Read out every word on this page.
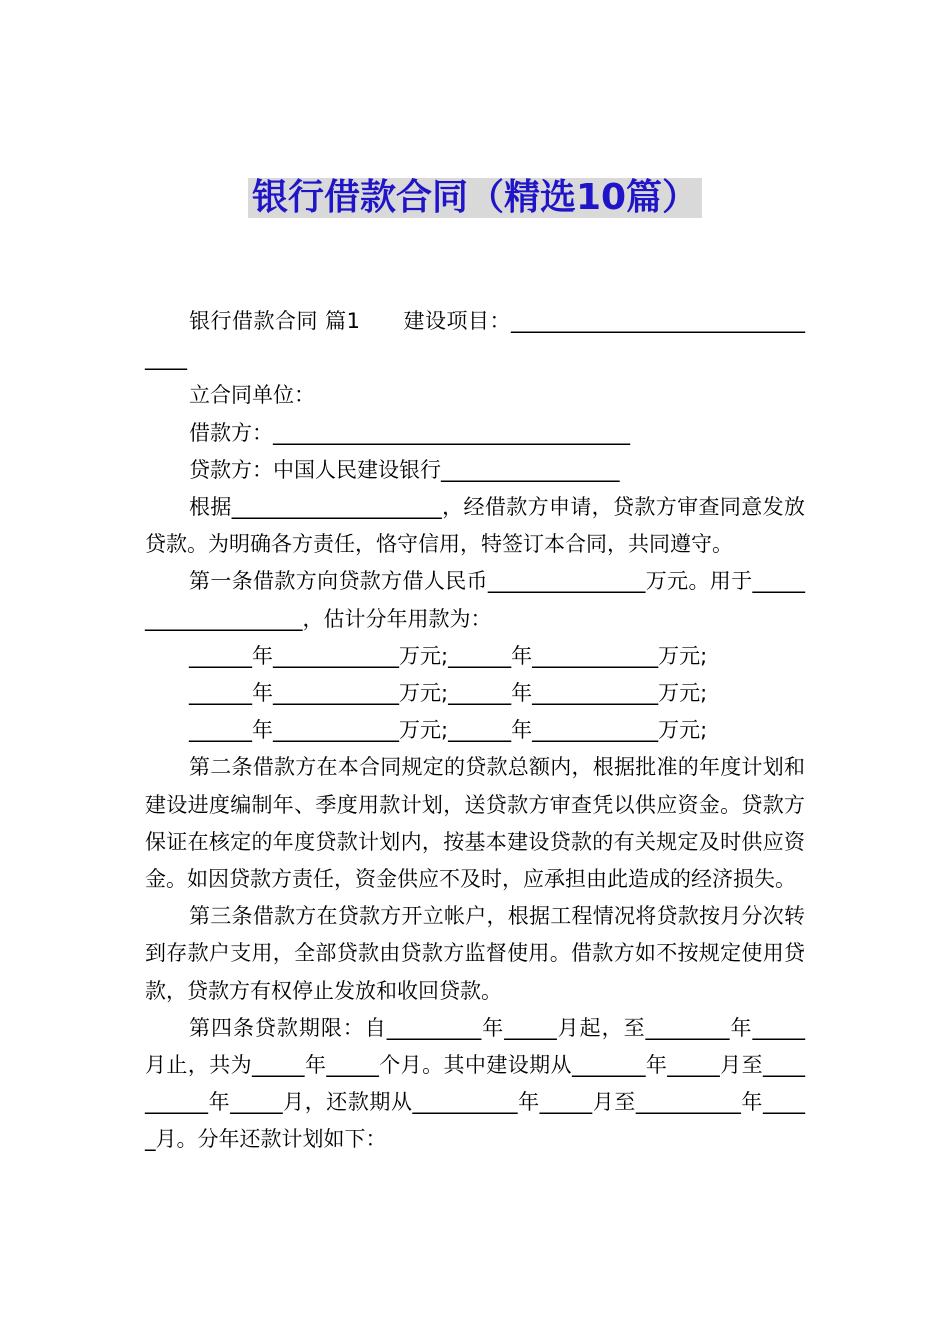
银行借款合同（精选10篇）

银行借款合同 篇1　　建设项目：________________________________

立合同单位：

借款方：__________________________________

贷款方：中国人民建设银行_________________

根据____________________，经借款方申请，贷款方审查同意发放贷款。为明确各方责任，恪守信用，特签订本合同，共同遵守。

第一条借款方向贷款方借人民币_______________万元。用于____________________，估计分年用款为：

______年____________万元;______年____________万元;

______年____________万元;______年____________万元;

______年____________万元;______年____________万元;

第二条借款方在本合同规定的贷款总额内，根据批准的年度计划和建设进度编制年、季度用款计划，送贷款方审查凭以供应资金。贷款方保证在核定的年度贷款计划内，按基本建设贷款的有关规定及时供应资金。如因贷款方责任，资金供应不及时，应承担由此造成的经济损失。

第三条借款方在贷款方开立帐户，根据工程情况将贷款按月分次转到存款户支用，全部贷款由贷款方监督使用。借款方如不按规定使用贷款，贷款方有权停止发放和收回贷款。

第四条贷款期限：自_________年_____月起，至________年_____月止，共为_____年_____个月。其中建设期从_______年_____月至__________年_____月，还款期从__________年_____月至__________年_____月。分年还款计划如下：
